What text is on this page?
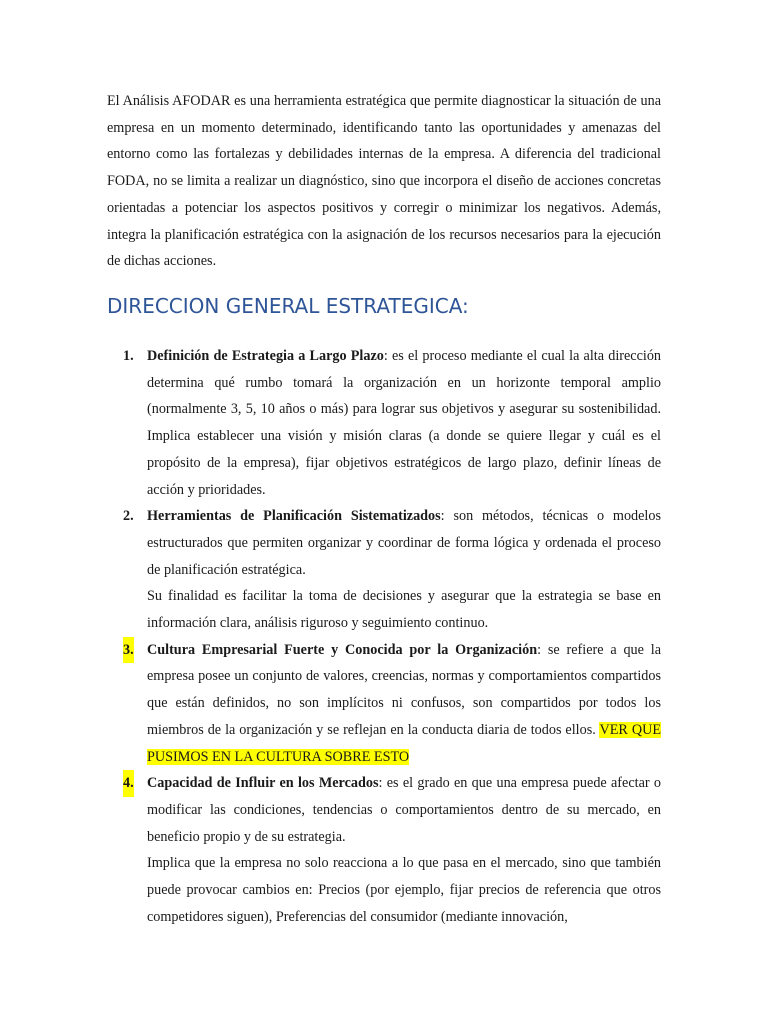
El Análisis AFODAR es una herramienta estratégica que permite diagnosticar la situación de una empresa en un momento determinado, identificando tanto las oportunidades y amenazas del entorno como las fortalezas y debilidades internas de la empresa. A diferencia del tradicional FODA, no se limita a realizar un diagnóstico, sino que incorpora el diseño de acciones concretas orientadas a potenciar los aspectos positivos y corregir o minimizar los negativos. Además, integra la planificación estratégica con la asignación de los recursos necesarios para la ejecución de dichas acciones.

DIRECCION GENERAL ESTRATEGICA:
1. Definición de Estrategia a Largo Plazo: es el proceso mediante el cual la alta dirección determina qué rumbo tomará la organización en un horizonte temporal amplio (normalmente 3, 5, 10 años o más) para lograr sus objetivos y asegurar su sostenibilidad. Implica establecer una visión y misión claras (a donde se quiere llegar y cuál es el propósito de la empresa), fijar objetivos estratégicos de largo plazo, definir líneas de acción y prioridades.

2. Herramientas de Planificación Sistematizados: son métodos, técnicas o modelos estructurados que permiten organizar y coordinar de forma lógica y ordenada el proceso de planificación estratégica.

Su finalidad es facilitar la toma de decisiones y asegurar que la estrategia se base en información clara, análisis riguroso y seguimiento continuo.

3. Cultura Empresarial Fuerte y Conocida por la Organización: se refiere a que la empresa posee un conjunto de valores, creencias, normas y comportamientos compartidos que están definidos, no son implícitos ni confusos, son compartidos por todos los miembros de la organización y se reflejan en la conducta diaria de todos ellos. VER QUE PUSIMOS EN LA CULTURA SOBRE ESTO

4. Capacidad de Influir en los Mercados: es el grado en que una empresa puede afectar o modificar las condiciones, tendencias o comportamientos dentro de su mercado, en beneficio propio y de su estrategia.

Implica que la empresa no solo reacciona a lo que pasa en el mercado, sino que también puede provocar cambios en: Precios (por ejemplo, fijar precios de referencia que otros competidores siguen), Preferencias del consumidor (mediante innovación,
